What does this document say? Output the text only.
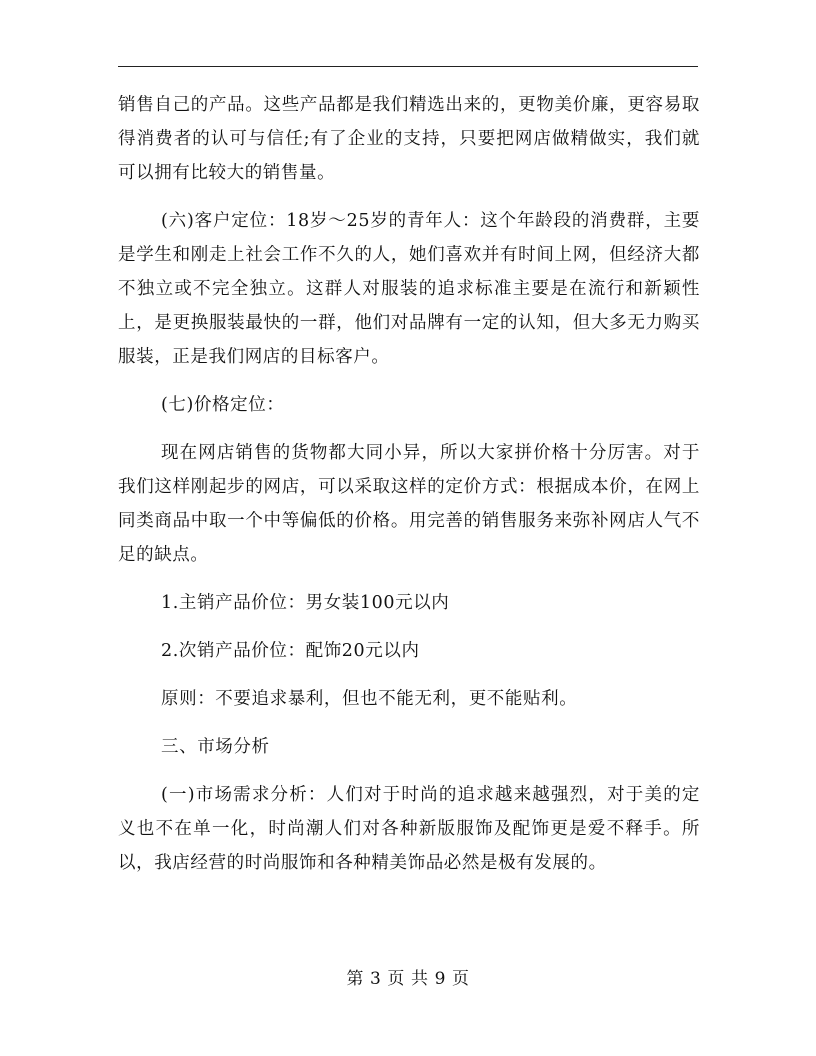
销售自己的产品。这些产品都是我们精选出来的，更物美价廉，更容易取得消费者的认可与信任;有了企业的支持，只要把网店做精做实，我们就可以拥有比较大的销售量。

(六)客户定位：18岁～25岁的青年人：这个年龄段的消费群，主要是学生和刚走上社会工作不久的人，她们喜欢并有时间上网，但经济大都不独立或不完全独立。这群人对服装的追求标准主要是在流行和新颖性上，是更换服装最快的一群，他们对品牌有一定的认知，但大多无力购买服装，正是我们网店的目标客户。

(七)价格定位：

现在网店销售的货物都大同小异，所以大家拼价格十分厉害。对于我们这样刚起步的网店，可以采取这样的定价方式：根据成本价，在网上同类商品中取一个中等偏低的价格。用完善的销售服务来弥补网店人气不足的缺点。

1.主销产品价位：男女装100元以内

2.次销产品价位：配饰20元以内

原则：不要追求暴利，但也不能无利，更不能贴利。

三、市场分析

(一)市场需求分析：人们对于时尚的追求越来越强烈，对于美的定义也不在单一化，时尚潮人们对各种新版服饰及配饰更是爱不释手。所以，我店经营的时尚服饰和各种精美饰品必然是极有发展的。

第 3 页 共 9 页
